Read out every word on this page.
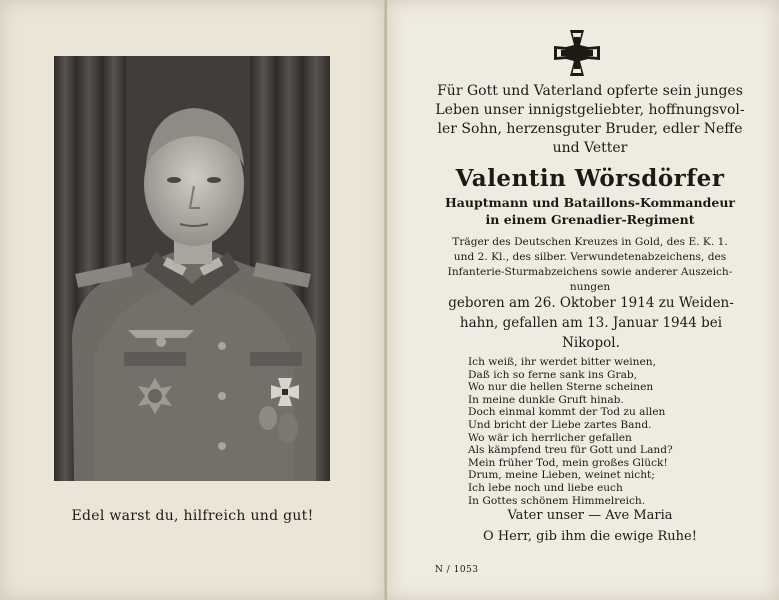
Edel warst du, hilfreich und gut!
Für Gott und Vaterland opferte sein junges
Leben unser innigstgeliebter, hoffnungsvol-
ler Sohn, herzensguter Bruder, edler Neffe
und Vetter
Valentin Wörsdörfer
Hauptmann und Bataillons-Kommandeur
in einem Grenadier-Regiment
Träger des Deutschen Kreuzes in Gold, des E. K. 1.
und 2. Kl., des silber. Verwundetenabzeichens, des
Infanterie-Sturmabzeichens sowie anderer Auszeich-
nungen
geboren am 26. Oktober 1914 zu Weiden-
hahn, gefallen am 13. Januar 1944 bei
Nikopol.
Ich weiß, ihr werdet bitter weinen,
Daß ich so ferne sank ins Grab,
Wo nur die hellen Sterne scheinen
In meine dunkle Gruft hinab.
Doch einmal kommt der Tod zu allen
Und bricht der Liebe zartes Band.
Wo wär ich herrlicher gefallen
Als kämpfend treu für Gott und Land?
Mein früher Tod, mein großes Glück!
Drum, meine Lieben, weinet nicht;
Ich lebe noch und liebe euch
In Gottes schönem Himmelreich.
Vater unser — Ave Maria
O Herr, gib ihm die ewige Ruhe!
N / 1053
